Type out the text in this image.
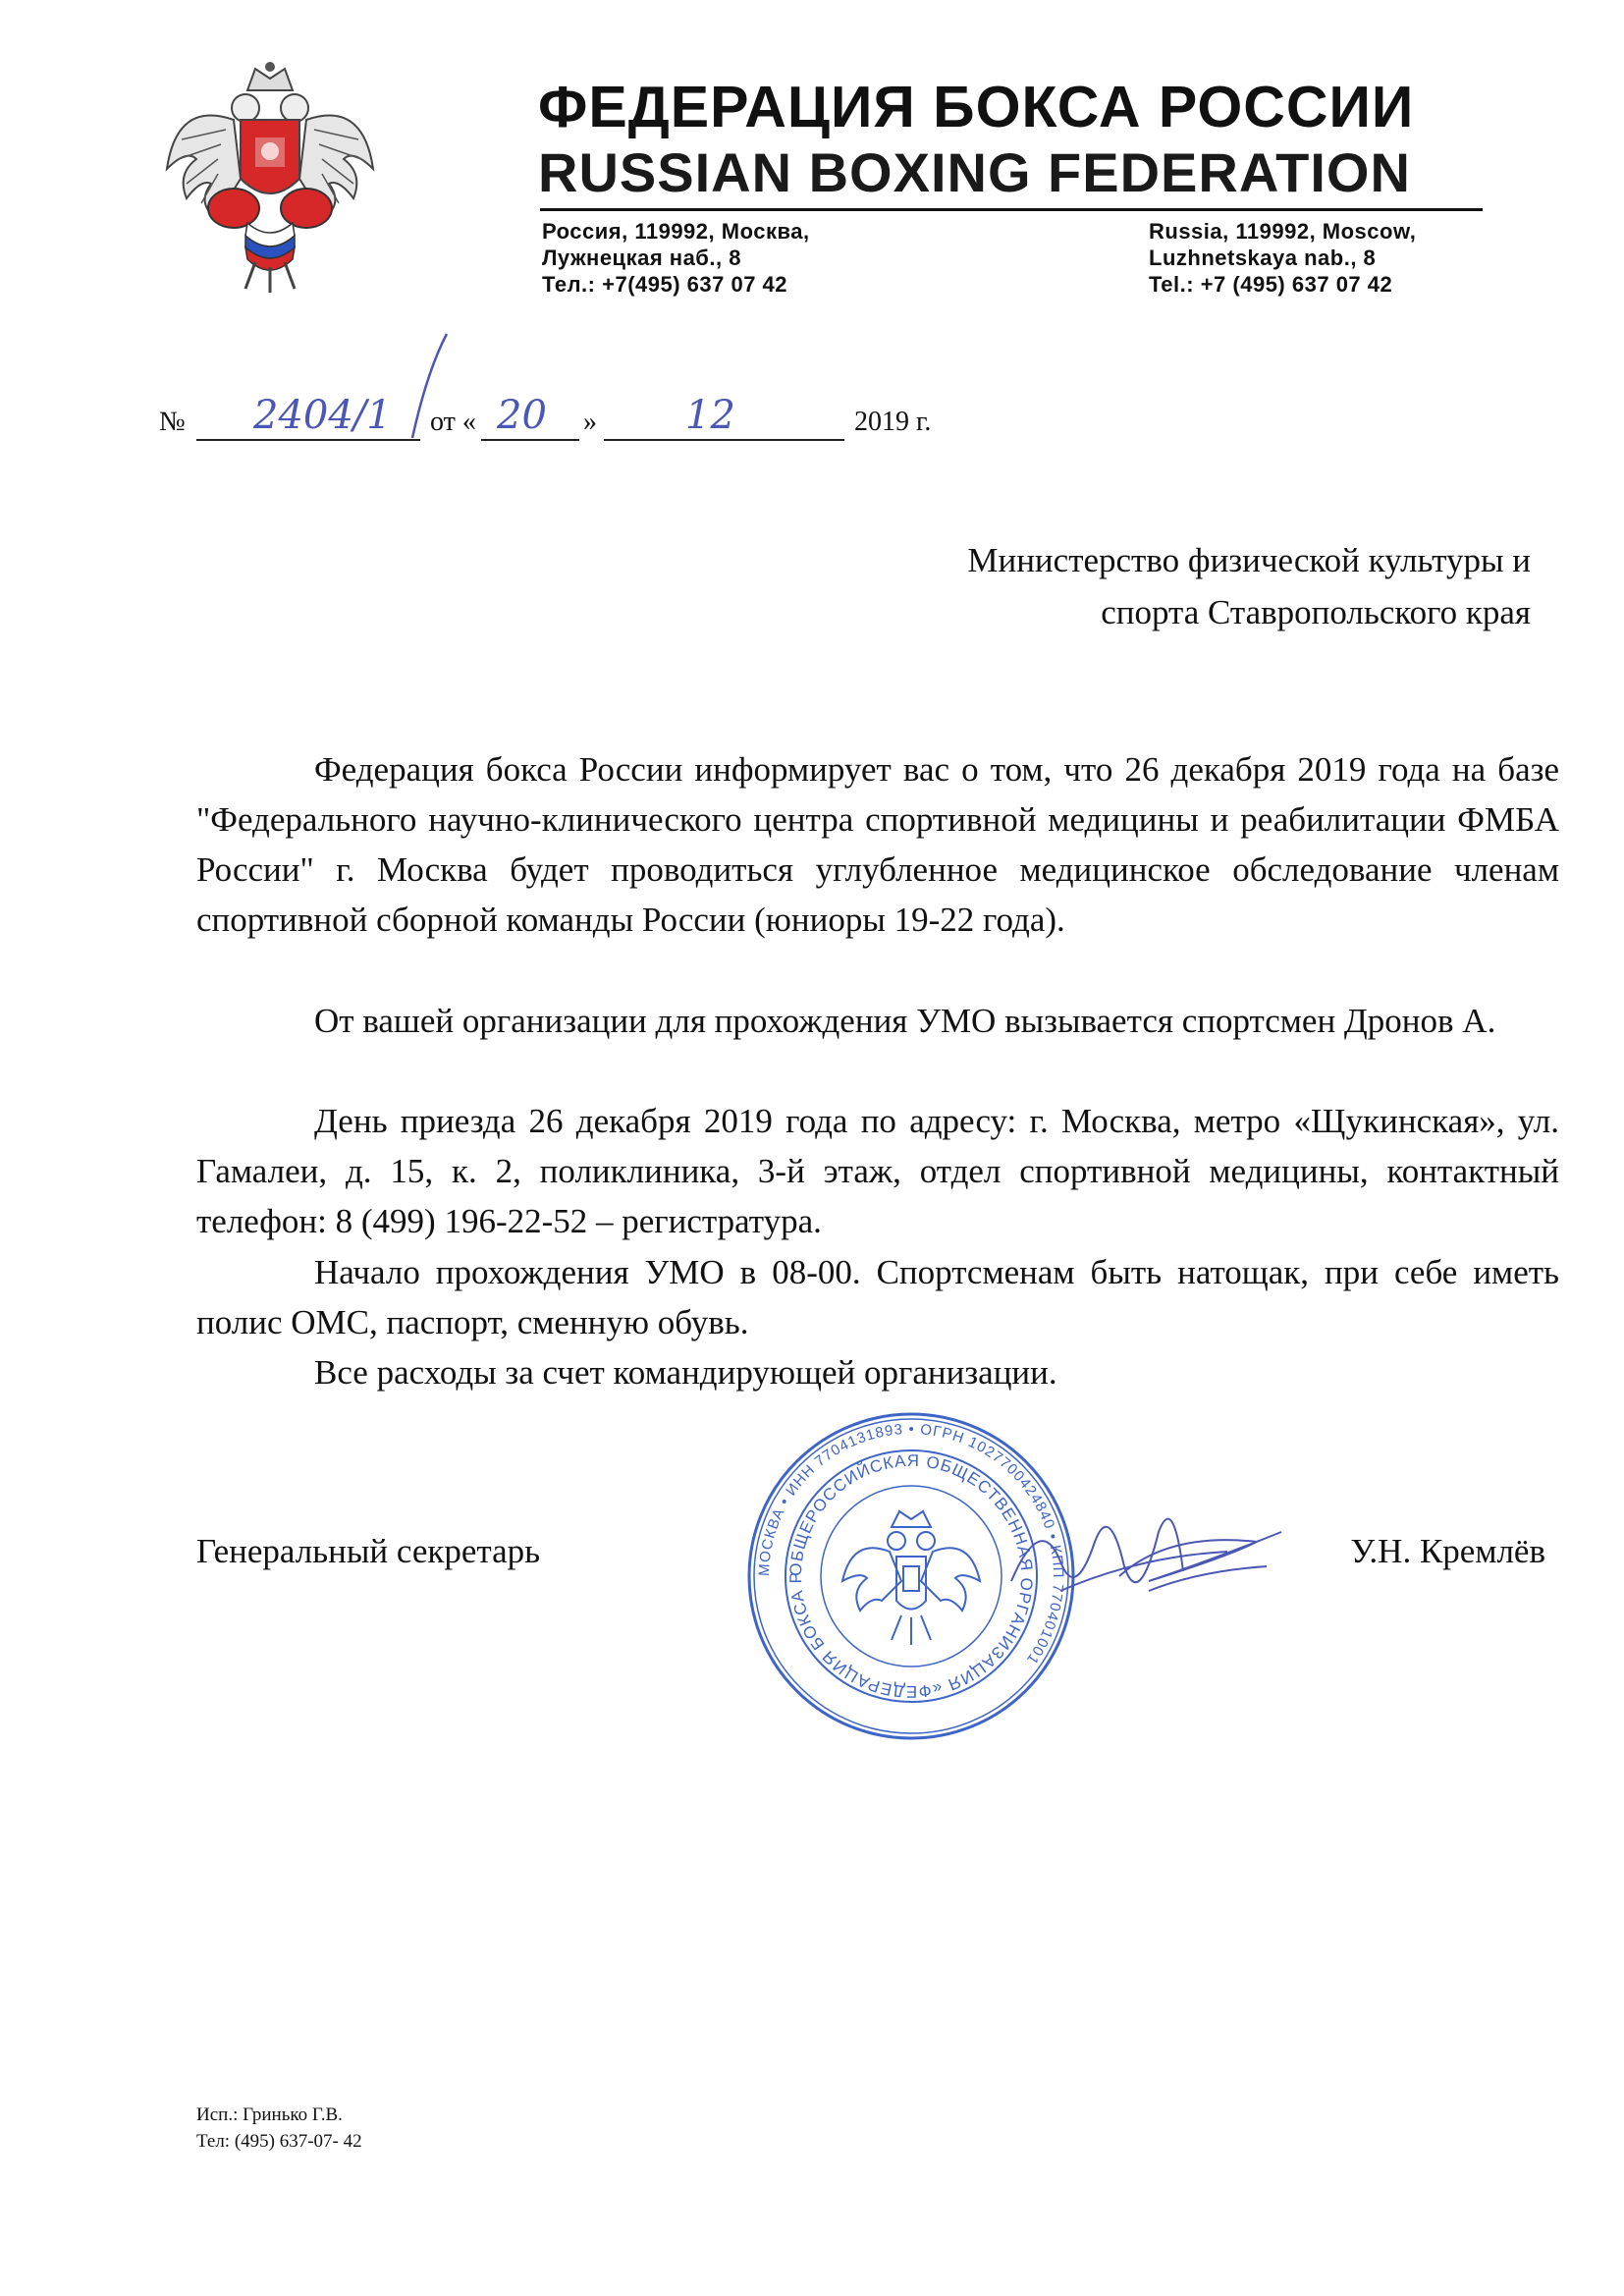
ФЕДЕРАЦИЯ БОКСА РОССИИ
RUSSIAN BOXING FEDERATION
Россия, 119992, Москва,
Лужнецкая наб., 8
Тел.: +7(495) 637 07 42
Russia, 119992, Moscow,
Luzhnetskaya nab., 8
Tel.: +7 (495) 637 07 42
№ 2404/1 от « 20 » 12	2019 г.
Министерство физической культуры и
спорта Ставропольского края

Федерация бокса России информирует вас о том, что 26 декабря 2019 года на базе "Федерального научно-клинического центра спортивной медицины и реабилитации ФМБА России" г. Москва будет проводиться углубленное медицинское обследование членам спортивной сборной команды России (юниоры 19-22 года).

От вашей организации для прохождения УМО вызывается спортсмен Дронов А.

День приезда 26 декабря 2019 года по адресу: г. Москва, метро «Щукинская», ул. Гамалеи, д. 15, к. 2, поликлиника, 3-й этаж, отдел спортивной медицины, контактный телефон: 8 (499) 196-22-52 – регистратура.

Начало прохождения УМО в 08-00. Спортсменам быть натощак, при себе иметь полис ОМС, паспорт, сменную обувь.

Все расходы за счет командирующей организации.

Генеральный секретарь	МОСКВА • ИНН 7704131893 • ОГРН 1027700424840 • КПП 770401001
ОБЩЕРОССИЙСКАЯ ОБЩЕСТВЕННАЯ ОРГАНИЗАЦИЯ «ФЕДЕРАЦИЯ БОКСА Р
У.Н. Кремлёв
Исп.: Гринько Г.В.
Тел: (495) 637-07- 42
